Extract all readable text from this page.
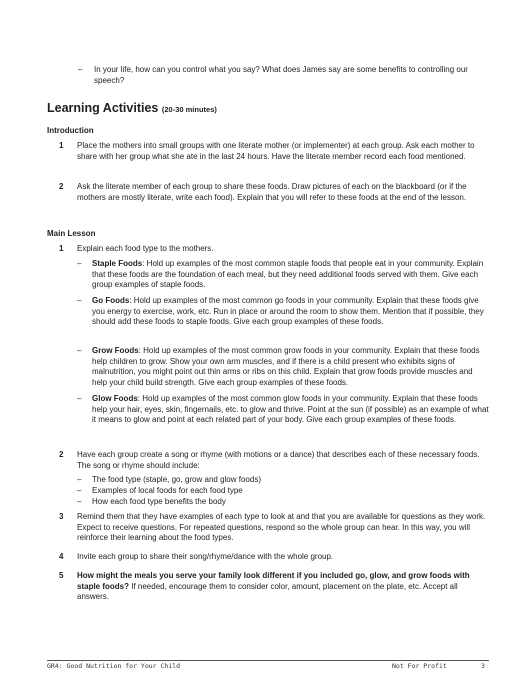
–	In your life, how can you control what you say? What does James say are some benefits to controlling our speech?
Learning Activities (20-30 minutes)

Introduction

1 Place the mothers into small groups with one literate mother (or implementer) at each group. Ask each mother to share with her group what she ate in the last 24 hours. Have the literate member record each food mentioned.
2 Ask the literate member of each group to share these foods. Draw pictures of each on the blackboard (or if the mothers are mostly literate, write each food). Explain that you will refer to these foods at the end of the lesson.

Main Lesson

1 Explain each food type to the mothers.
– Staple Foods: Hold up examples of the most common staple foods that people eat in your community. Explain that these foods are the foundation of each meal, but they need additional foods served with them. Give each group examples of staple foods.
– Go Foods: Hold up examples of the most common go foods in your community. Explain that these foods give you energy to exercise, work, etc. Run in place or around the room to show them. Mention that if possible, they should add these foods to staple foods. Give each group examples of these foods.
– Grow Foods: Hold up examples of the most common grow foods in your community. Explain that these foods help children to grow. Show your own arm muscles, and if there is a child present who exhibits signs of malnutrition, you might point out thin arms or ribs on this child. Explain that grow foods provide muscles and help your child build strength. Give each group examples of these foods.
– Glow Foods: Hold up examples of the most common glow foods in your community. Explain that these foods help your hair, eyes, skin, fingernails, etc. to glow and thrive. Point at the sun (if possible) as an example of what it means to glow and point at each related part of your body. Give each group examples of these foods.
2 Have each group create a song or rhyme (with motions or a dance) that describes each of these necessary foods. The song or rhyme should include:
– The food type (staple, go, grow and glow foods)
– Examples of local foods for each food type
– How each food type benefits the body
3 Remind them that they have examples of each type to look at and that you are available for questions as they work. Expect to receive questions. For repeated questions, respond so the whole group can hear. In this way, you will reinforce their learning about the food types.
4 Invite each group to share their song/rhyme/dance with the whole group.
5 How might the meals you serve your family look different if you included go, glow, and grow foods with staple foods? If needed, encourage them to consider color, amount, placement on the plate, etc. Accept all answers.
GR4: Good Nutrition for Your Child	Not For Profit	3
